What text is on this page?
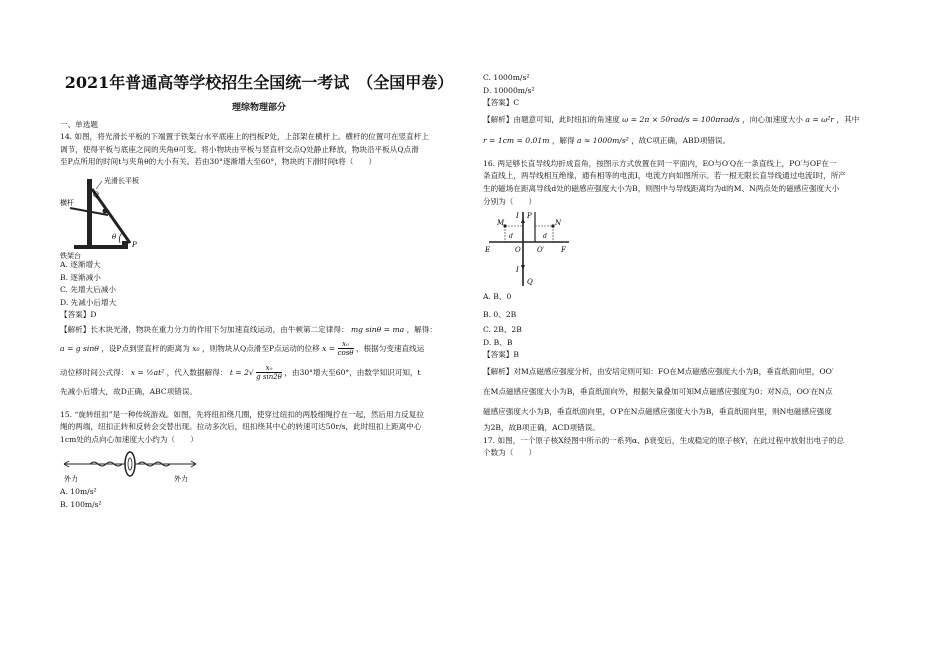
2021年普通高等学校招生全国统一考试　（全国甲卷）
理综物理部分
一、单选题
14. 如图，将光滑长平板的下端置于铁架台水平底座上的挡板P处，上部架在横杆上。横杆的位置可在竖直杆上
调节，使得平板与底座之间的夹角θ可变。将小物块由平板与竖直杆交点Q处静止释放，物块沿平板从Q点滑
至P点所用的时间t与夹角θ的大小有关。若由30°逐渐增大至60°，物块的下滑时间t将（　　）
光滑长平板
横杆
铁架台
Q
θ
P
A. 逐渐增大
B. 逐渐减小
C. 先增大后减小
D. 先减小后增大
【答案】D
【解析】长木块光滑，物块在重力分力的作用下匀加速直线运动，由牛顿第二定律得： mg sinθ = ma ，解得：
a = g sinθ ，设P点到竖直杆的距离为 x₀ ，则物块从Q点滑至P点运动的位移 $x = \frac{\text{x₀}}{\cos\theta}$ ，根据匀变速直线运
动位移时间公式得： x = ½at² ，代入数据解得： $t = 2√ \frac{\text{x₀}}{\text{g sin2θ}}$ ，由30°增大至60°，由数学知识可知，t
先减小后增大，故D正确，ABC项错误。
15. “旋转纽扣”是一种传统游戏。如图，先将纽扣绕几圈，使穿过纽扣的两股细绳拧在一起，然后用力反复拉
绳的两端，纽扣正转和反转会交替出现。拉动多次后，纽扣绕其中心的转速可达50r/s，此时纽扣上距离中心
1cm处的点向心加速度大小约为（　　）
外力	外力
A. 10m/s²
B. 100m/s²
C. 1000m/s²
D. 10000m/s²
【答案】C
【解析】由题意可知，此时纽扣的角速度 ω = 2π × 50rad/s = 100πrad/s ，向心加速度大小 a = ω²r ，其中
r = 1cm = 0.01m ，解得 a ≈ 1000m/s² ，故C项正确，ABD项错误。
16. 两足够长直导线均折成直角，按图示方式放置在同一平面内，EO与O′Q在一条直线上，PO′与OF在一
条直线上，两导线相互绝缘，通有相等的电流I，电流方向如图所示。若一根无限长直导线通过电流I时，所产
生的磁场在距离导线d处的磁感应强度大小为B，则图中与导线距离均为d的M、N两点处的磁感应强度大小
分别为（　　）
M	N
E	O O′ F
P
Q
I
I
d	d
A. B、0
B. 0、2B
C. 2B、2B
D. B、B
【答案】B
【解析】对M点磁感应强度分析，由安培定则可知：FO在M点磁感应强度大小为B，垂直纸面向里，OO′
在M点磁感应强度大小为B，垂直纸面向外，根据矢量叠加可知M点磁感应强度为0；对N点，OO′在N点
磁感应强度大小为B，垂直纸面向里，O′P在N点磁感应强度大小为B，垂直纸面向里，则N电磁感应强度
为2B，故B项正确，ACD项错误。
17. 如图，一个原子核X经图中所示的一系列α、β衰变后，生成稳定的原子核Y，在此过程中放射出电子的总
个数为（　　）
